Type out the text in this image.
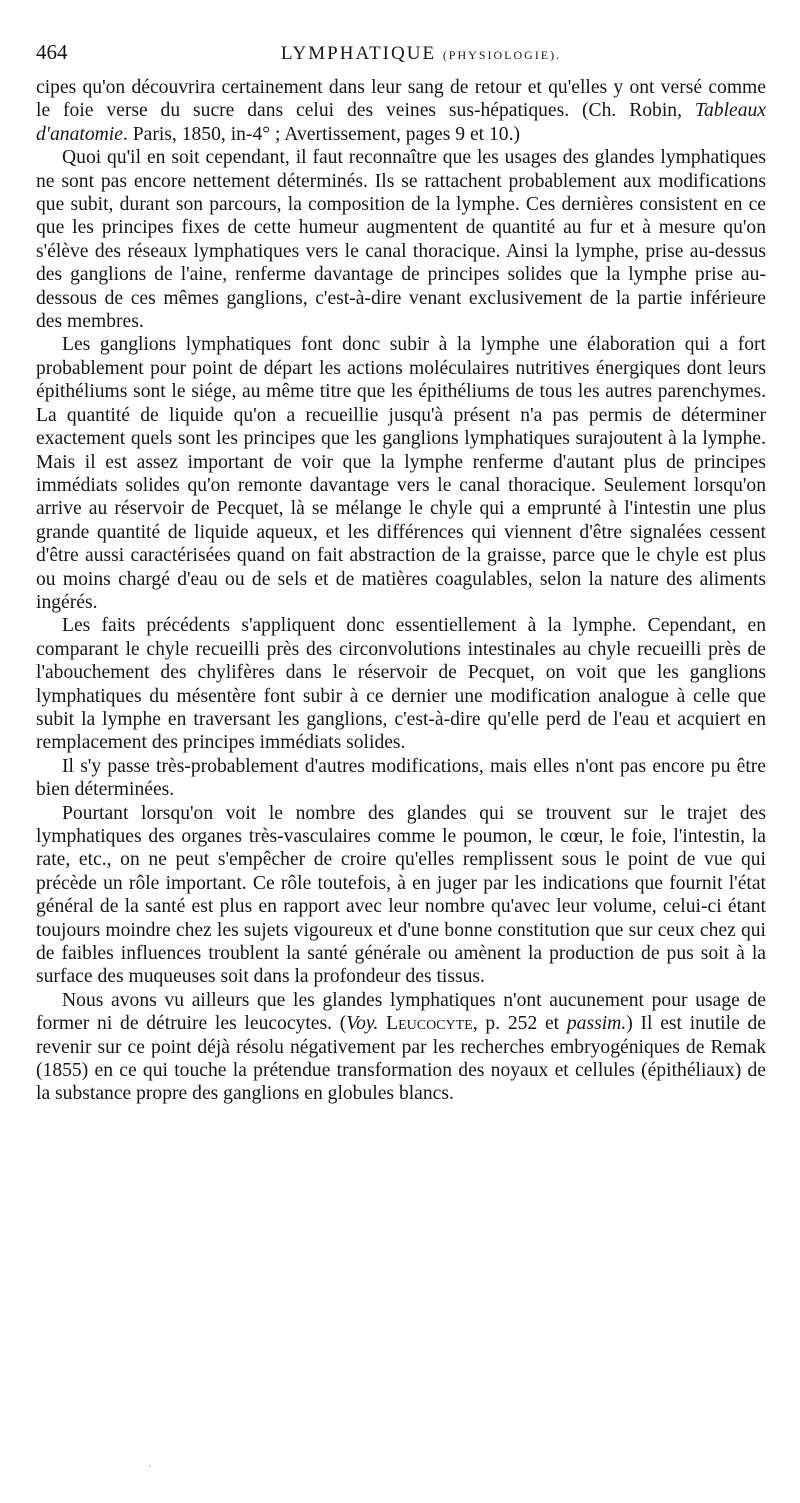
464	LYMPHATIQUE (PHYSIOLOGIE).

cipes qu'on découvrira certainement dans leur sang de retour et qu'elles y ont versé comme le foie verse du sucre dans celui des veines sus-hépatiques. (Ch. Robin, Tableaux d'anatomie. Paris, 1850, in-4° ; Avertissement, pages 9 et 10.)

Quoi qu'il en soit cependant, il faut reconnaître que les usages des glandes lymphatiques ne sont pas encore nettement déterminés. Ils se rattachent probablement aux modifications que subit, durant son parcours, la composition de la lymphe. Ces dernières consistent en ce que les principes fixes de cette humeur augmentent de quantité au fur et à mesure qu'on s'élève des réseaux lymphatiques vers le canal thoracique. Ainsi la lymphe, prise au-dessus des ganglions de l'aine, renferme davantage de principes solides que la lymphe prise au-dessous de ces mêmes ganglions, c'est-à-dire venant exclusivement de la partie inférieure des membres.

Les ganglions lymphatiques font donc subir à la lymphe une élaboration qui a fort probablement pour point de départ les actions moléculaires nutritives énergiques dont leurs épithéliums sont le siége, au même titre que les épithéliums de tous les autres parenchymes. La quantité de liquide qu'on a recueillie jusqu'à présent n'a pas permis de déterminer exactement quels sont les principes que les ganglions lymphatiques surajoutent à la lymphe. Mais il est assez important de voir que la lymphe renferme d'autant plus de principes immédiats solides qu'on remonte davantage vers le canal thoracique. Seulement lorsqu'on arrive au réservoir de Pecquet, là se mélange le chyle qui a emprunté à l'intestin une plus grande quantité de liquide aqueux, et les différences qui viennent d'être signalées cessent d'être aussi caractérisées quand on fait abstraction de la graisse, parce que le chyle est plus ou moins chargé d'eau ou de sels et de matières coagulables, selon la nature des aliments ingérés.

Les faits précédents s'appliquent donc essentiellement à la lymphe. Cependant, en comparant le chyle recueilli près des circonvolutions intestinales au chyle recueilli près de l'abouchement des chylifères dans le réservoir de Pecquet, on voit que les ganglions lymphatiques du mésentère font subir à ce dernier une modification analogue à celle que subit la lymphe en traversant les ganglions, c'est-à-dire qu'elle perd de l'eau et acquiert en remplacement des principes immédiats solides.

Il s'y passe très-probablement d'autres modifications, mais elles n'ont pas encore pu être bien déterminées.

Pourtant lorsqu'on voit le nombre des glandes qui se trouvent sur le trajet des lymphatiques des organes très-vasculaires comme le poumon, le cœur, le foie, l'intestin, la rate, etc., on ne peut s'empêcher de croire qu'elles remplissent sous le point de vue qui précède un rôle important. Ce rôle toutefois, à en juger par les indications que fournit l'état général de la santé est plus en rapport avec leur nombre qu'avec leur volume, celui-ci étant toujours moindre chez les sujets vigoureux et d'une bonne constitution que sur ceux chez qui de faibles influences troublent la santé générale ou amènent la production de pus soit à la surface des muqueuses soit dans la profondeur des tissus.

Nous avons vu ailleurs que les glandes lymphatiques n'ont aucunement pour usage de former ni de détruire les leucocytes. (Voy. Leucocyte, p. 252 et passim.) Il est inutile de revenir sur ce point déjà résolu négativement par les recherches embryogéniques de Remak (1855) en ce qui touche la prétendue transformation des noyaux et cellules (épithéliaux) de la substance propre des ganglions en globules blancs.

·
